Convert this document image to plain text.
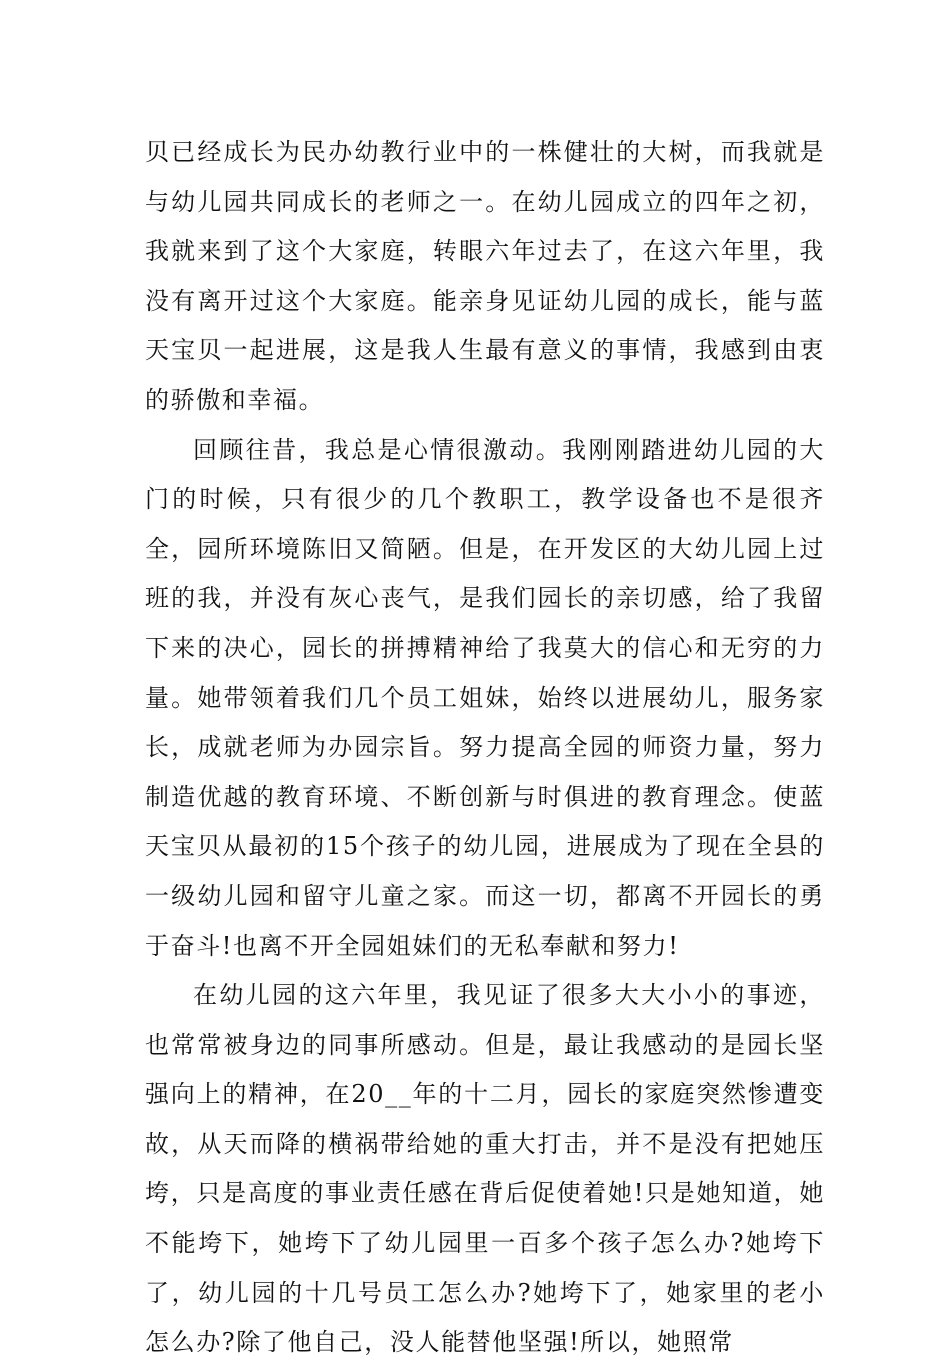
贝已经成长为民办幼教行业中的一株健壮的大树，而我就是与幼儿园共同成长的老师之一。在幼儿园成立的四年之初，我就来到了这个大家庭，转眼六年过去了，在这六年里，我没有离开过这个大家庭。能亲身见证幼儿园的成长，能与蓝天宝贝一起进展，这是我人生最有意义的事情，我感到由衷的骄傲和幸福。

回顾往昔，我总是心情很激动。我刚刚踏进幼儿园的大门的时候，只有很少的几个教职工，教学设备也不是很齐全，园所环境陈旧又简陋。但是，在开发区的大幼儿园上过班的我，并没有灰心丧气，是我们园长的亲切感，给了我留下来的决心，园长的拼搏精神给了我莫大的信心和无穷的力量。她带领着我们几个员工姐妹，始终以进展幼儿，服务家长，成就老师为办园宗旨。努力提高全园的师资力量，努力制造优越的教育环境、不断创新与时俱进的教育理念。使蓝天宝贝从最初的15个孩子的幼儿园，进展成为了现在全县的一级幼儿园和留守儿童之家。而这一切，都离不开园长的勇于奋斗!也离不开全园姐妹们的无私奉献和努力!

在幼儿园的这六年里，我见证了很多大大小小的事迹，也常常被身边的同事所感动。但是，最让我感动的是园长坚强向上的精神，在20__年的十二月，园长的家庭突然惨遭变故，从天而降的横祸带给她的重大打击，并不是没有把她压垮，只是高度的事业责任感在背后促使着她!只是她知道，她不能垮下，她垮下了幼儿园里一百多个孩子怎么办?她垮下了，幼儿园的十几号员工怎么办?她垮下了，她家里的老小怎么办?除了他自己，没人能替他坚强!所以，她照常
